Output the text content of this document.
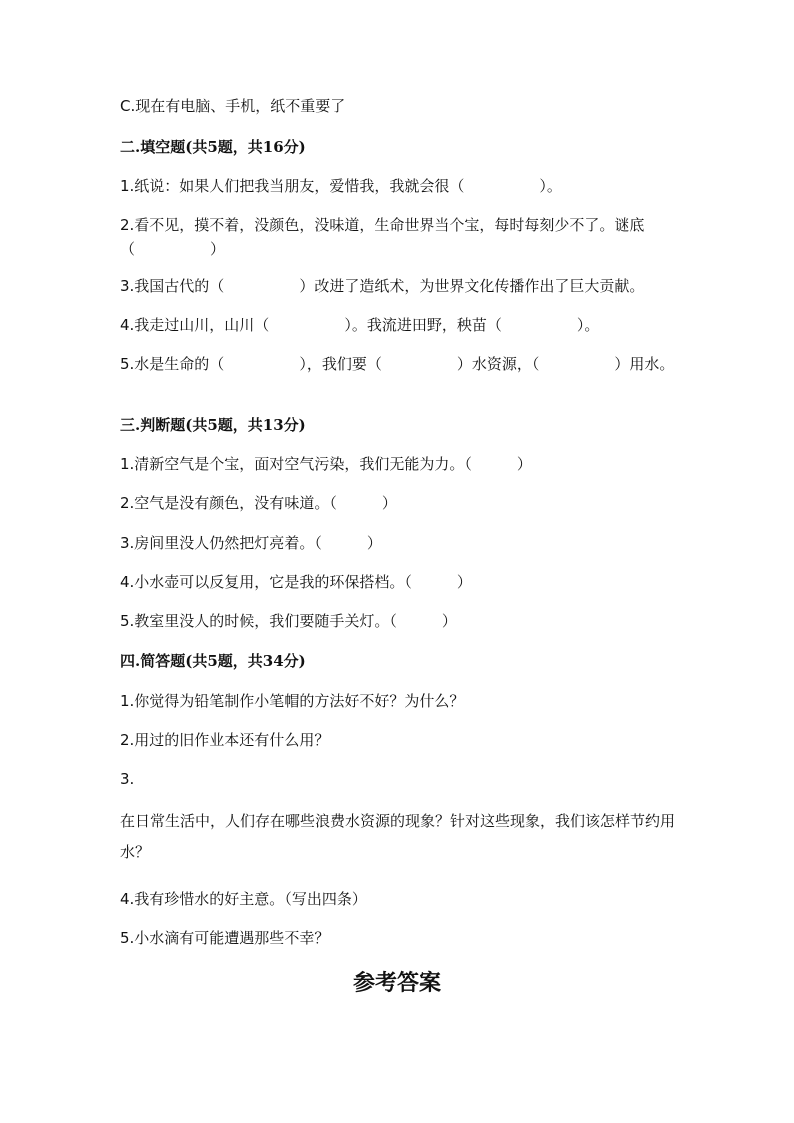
C.现在有电脑、手机，纸不重要了
二.填空题(共5题，共16分)
1.纸说：如果人们把我当朋友，爱惜我，我就会很（　　　　　）。
2.看不见，摸不着，没颜色，没味道，生命世界当个宝，每时每刻少不了。谜底（　　　　　）
3.我国古代的（　　　　　）改进了造纸术，为世界文化传播作出了巨大贡献。
4.我走过山川，山川（　　　　　）。我流进田野，秧苗（　　　　　）。
5.水是生命的（　　　　　），我们要（　　　　　）水资源，（　　　　　）用水。
三.判断题(共5题，共13分)
1.清新空气是个宝，面对空气污染，我们无能为力。（　　　）
2.空气是没有颜色，没有味道。（　　　）
3.房间里没人仍然把灯亮着。（　　　）
4.小水壶可以反复用，它是我的环保搭档。（　　　）
5.教室里没人的时候，我们要随手关灯。（　　　）
四.简答题(共5题，共34分)
1.你觉得为铅笔制作小笔帽的方法好不好？为什么？
2.用过的旧作业本还有什么用？
3.
在日常生活中，人们存在哪些浪费水资源的现象？针对这些现象，我们该怎样节约用水？
4.我有珍惜水的好主意。（写出四条）
5.小水滴有可能遭遇那些不幸？
参考答案
